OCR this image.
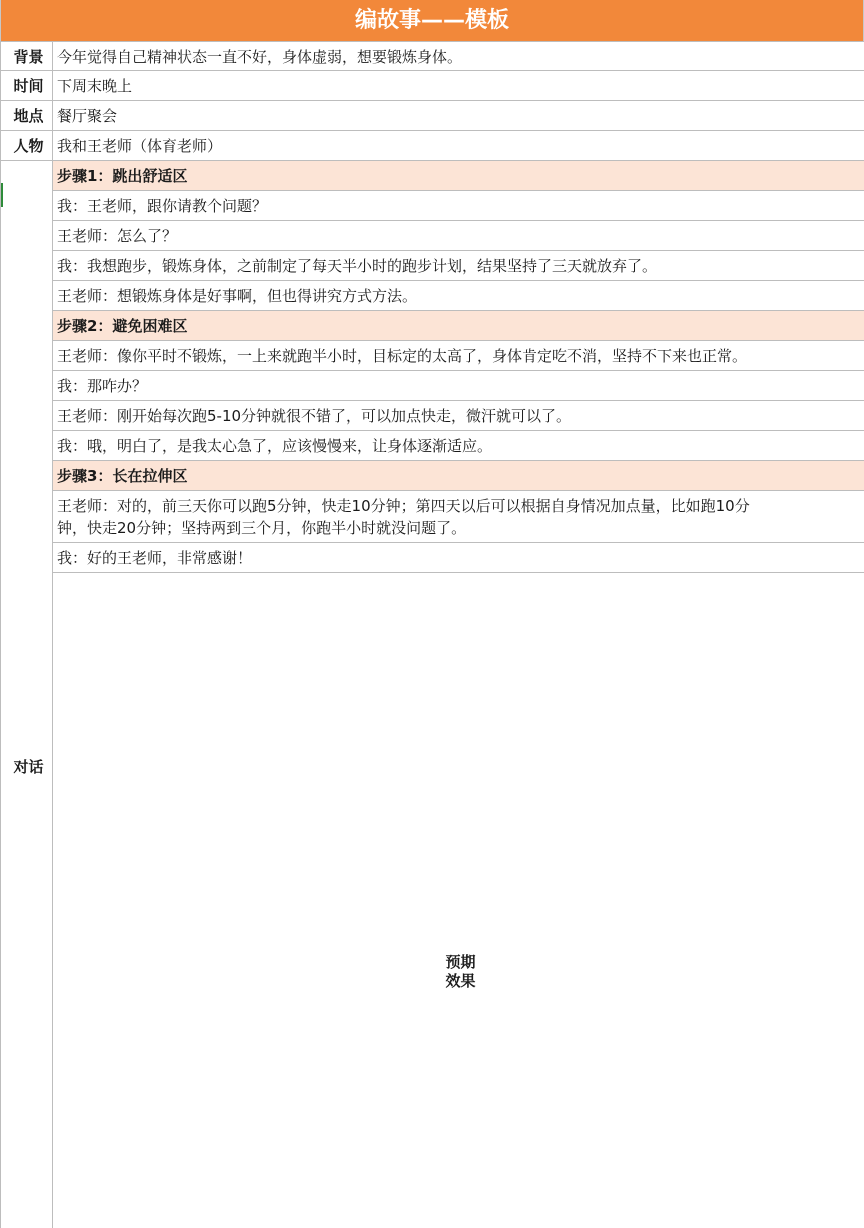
编故事——模板
背景	今年觉得自己精神状态一直不好，身体虚弱，想要锻炼身体。	
时间	下周末晚上	
地点	餐厅聚会	
人物	我和王老师（体育老师）	

对话	步骤1：跳出舒适区	
	我：王老师，跟你请教个问题？	
	王老师：怎么了？	
	我：我想跑步，锻炼身体，之前制定了每天半小时的跑步计划，结果坚持了三天就放弃了。	
	王老师：想锻炼身体是好事啊，但也得讲究方式方法。	
	步骤2：避免困难区	
	王老师：像你平时不锻炼，一上来就跑半小时，目标定的太高了，身体肯定吃不消，坚持不下来也正常。	
	我：那咋办？	
	王老师：刚开始每次跑5-10分钟就很不错了，可以加点快走，微汗就可以了。	
	我：哦，明白了，是我太心急了，应该慢慢来，让身体逐渐适应。	
	步骤3：长在拉伸区	

	王老师：对的，前三天你可以跑5分钟，快走10分钟；第四天以后可以根据自身情况加点量，比如跑10分
钟，快走20分钟；坚持两到三个月，你跑半小时就没问题了。	

	我：好的王老师，非常感谢！	

	预期
效果
